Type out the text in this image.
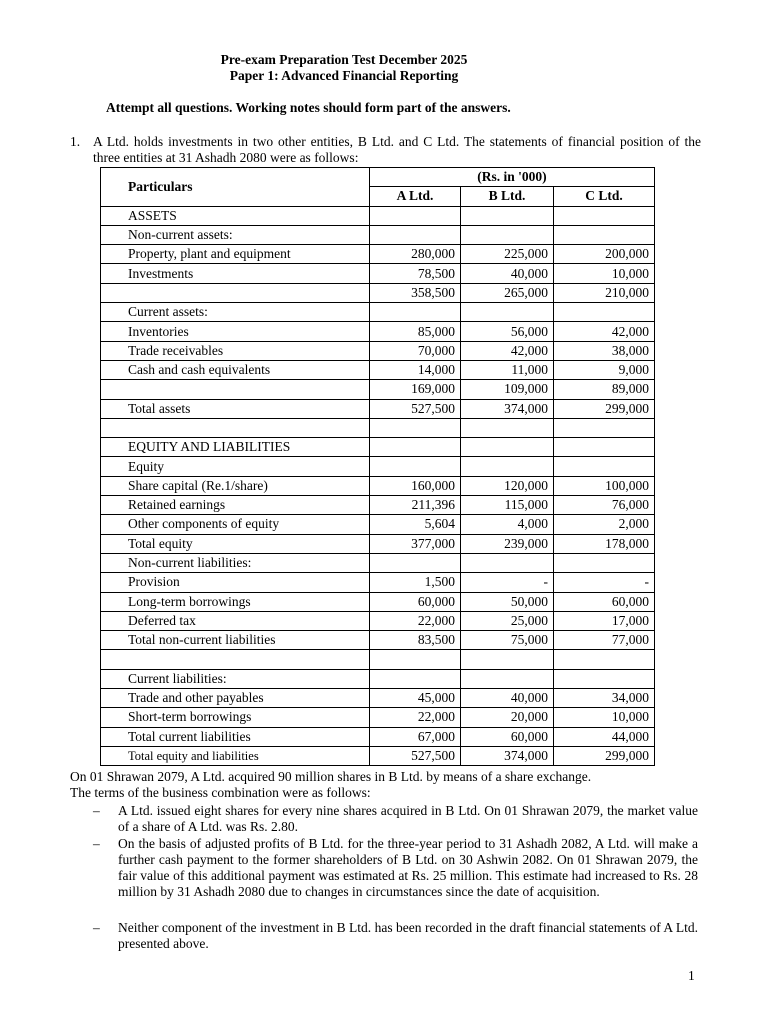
Pre-exam Preparation Test December 2025
Paper 1: Advanced Financial Reporting
Attempt all questions. Working notes should form part of the answers.
1. A Ltd. holds investments in two other entities, B Ltd. and C Ltd. The statements of financial position of the three entities at 31 Ashadh 2080 were as follows:
Particulars	(Rs. in '000)		
	A Ltd.	B Ltd.	C Ltd.
ASSETS			
Non-current assets:			
Property, plant and equipment	280,000	225,000	200,000
Investments	78,500	40,000	10,000
	358,500	265,000	210,000
Current assets:			
Inventories	85,000	56,000	42,000
Trade receivables	70,000	42,000	38,000
Cash and cash equivalents	14,000	11,000	9,000
	169,000	109,000	89,000
Total assets	527,500	374,000	299,000

EQUITY AND LIABILITIES			
Equity			
Share capital (Re.1/share)	160,000	120,000	100,000
Retained earnings	211,396	115,000	76,000
Other components of equity	5,604	4,000	2,000
Total equity	377,000	239,000	178,000
Non-current liabilities:			
Provision	1,500	-	-
Long-term borrowings	60,000	50,000	60,000
Deferred tax	22,000	25,000	17,000
Total non-current liabilities	83,500	75,000	77,000

Current liabilities:			
Trade and other payables	45,000	40,000	34,000
Short-term borrowings	22,000	20,000	10,000
Total current liabilities	67,000	60,000	44,000
Total equity and liabilities	527,500	374,000	299,000
On 01 Shrawan 2079, A Ltd. acquired 90 million shares in B Ltd. by means of a share exchange.
The terms of the business combination were as follows:
– A Ltd. issued eight shares for every nine shares acquired in B Ltd. On 01 Shrawan 2079, the market value of a share of A Ltd. was Rs. 2.80.
– On the basis of adjusted profits of B Ltd. for the three-year period to 31 Ashadh 2082, A Ltd. will make a further cash payment to the former shareholders of B Ltd. on 30 Ashwin 2082. On 01 Shrawan 2079, the fair value of this additional payment was estimated at Rs. 25 million. This estimate had increased to Rs. 28 million by 31 Ashadh 2080 due to changes in circumstances since the date of acquisition.
– Neither component of the investment in B Ltd. has been recorded in the draft financial statements of A Ltd. presented above.
1
